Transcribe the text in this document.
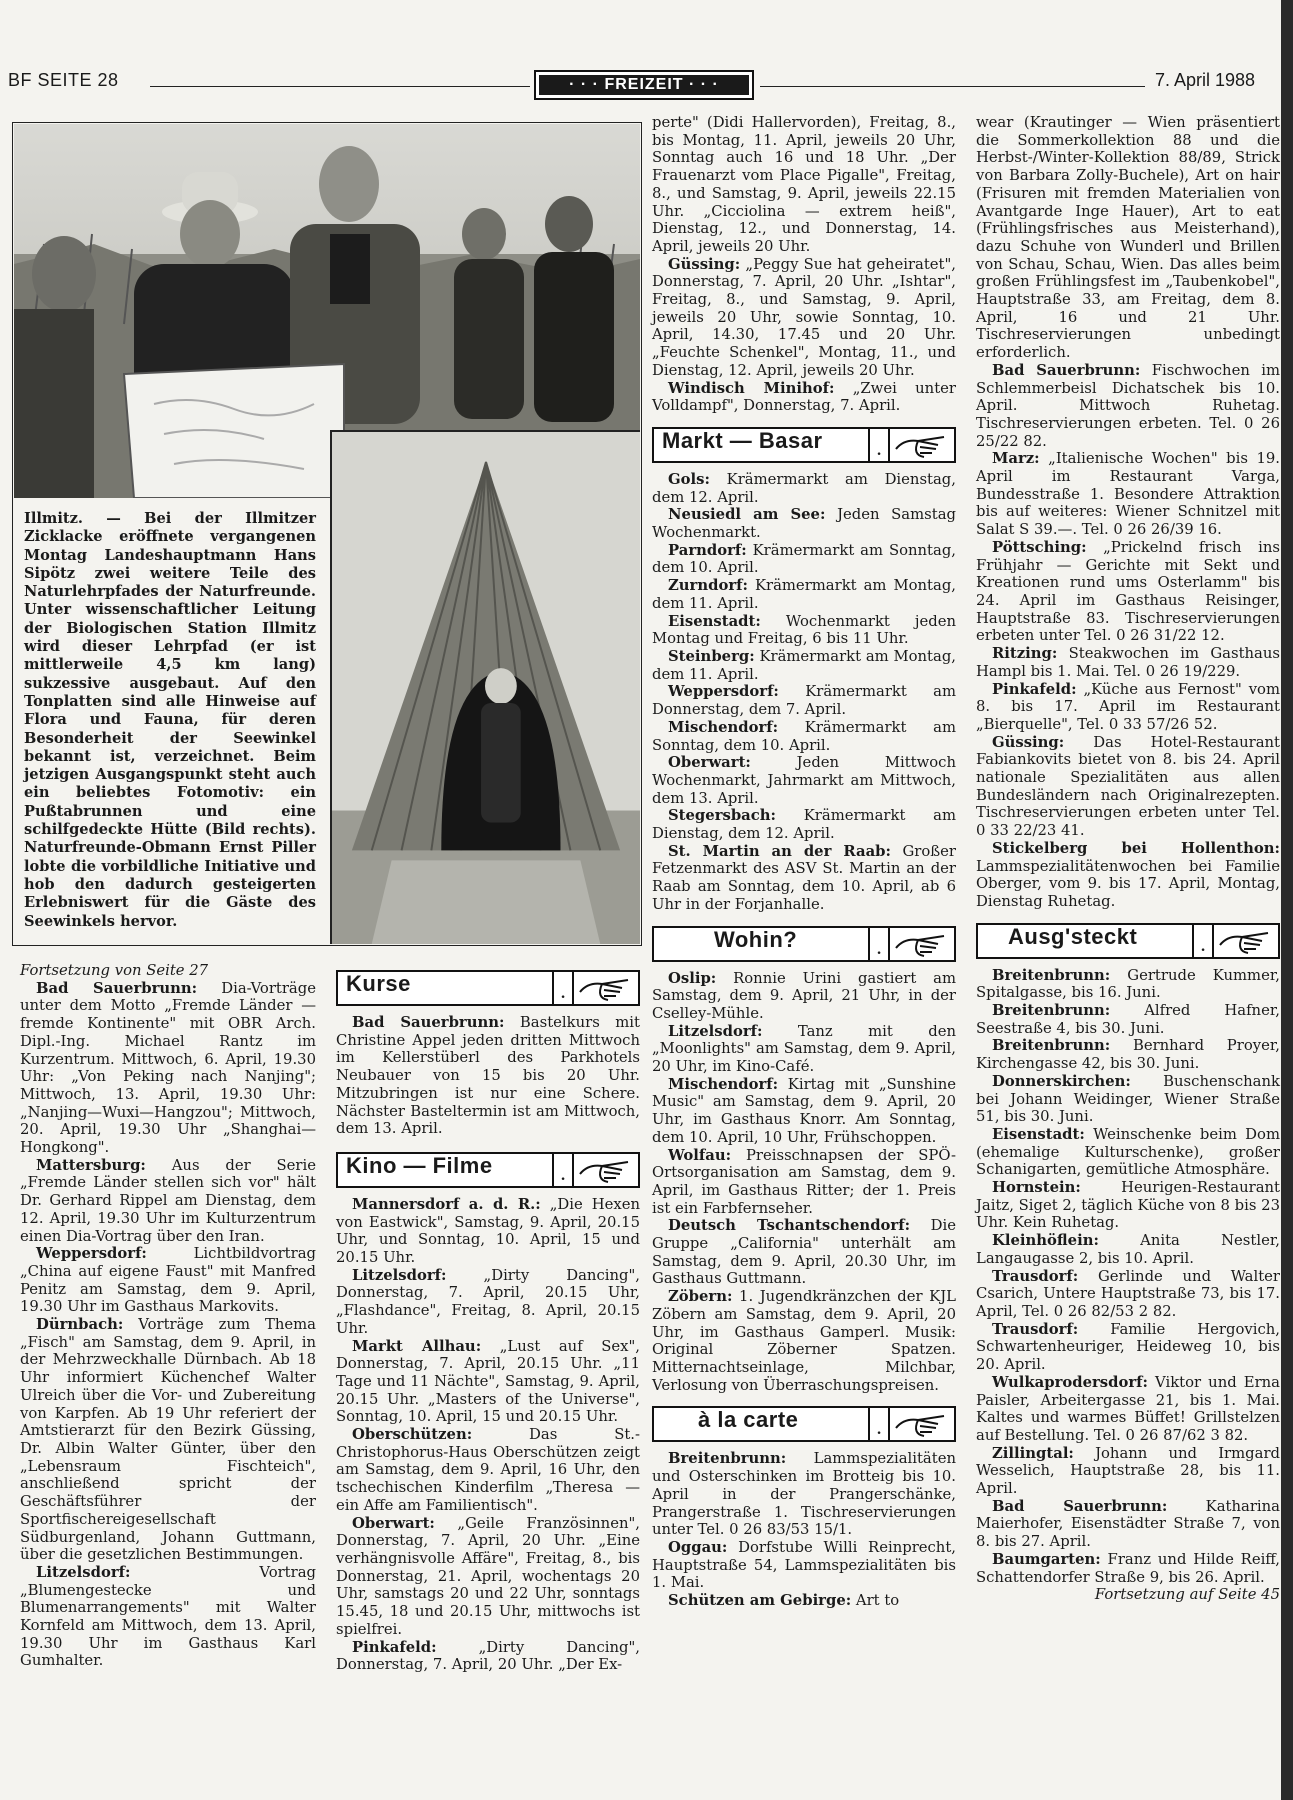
BF SEITE 28	· · · FREIZEIT · · ·	7. April 1988

Illmitz. — Bei der Illmitzer Zicklacke eröffnete vergangenen Montag Landeshauptmann Hans Sipötz zwei weitere Teile des Naturlehrpfades der Naturfreunde. Unter wissenschaftlicher Leitung der Biologischen Station Illmitz wird dieser Lehrpfad (er ist mittlerweile 4,5 km lang) sukzessive ausgebaut. Auf den Tonplatten sind alle Hinweise auf Flora und Fauna, für deren Besonderheit der Seewinkel bekannt ist, verzeichnet. Beim jetzigen Ausgangspunkt steht auch ein beliebtes Fotomotiv: ein Pußtabrunnen und eine schilfgedeckte Hütte (Bild rechts). Naturfreunde-Obmann Ernst Piller lobte die vorbildliche Initiative und hob den dadurch gesteigerten Erlebniswert für die Gäste des Seewinkels hervor.

Fortsetzung von Seite 27

Bad Sauerbrunn: Dia-Vorträge unter dem Motto „Fremde Länder — fremde Kontinente" mit OBR Arch. Dipl.-Ing. Michael Rantz im Kurzentrum. Mittwoch, 6. April, 19.30 Uhr: „Von Peking nach Nanjing"; Mittwoch, 13. April, 19.30 Uhr: „Nanjing—Wuxi—Hangzou"; Mittwoch, 20. April, 19.30 Uhr „Shanghai—Hongkong".

Mattersburg: Aus der Serie „Fremde Länder stellen sich vor" hält Dr. Gerhard Rippel am Dienstag, dem 12. April, 19.30 Uhr im Kulturzentrum einen Dia-Vortrag über den Iran.

Weppersdorf: Lichtbildvortrag „China auf eigene Faust" mit Manfred Penitz am Samstag, dem 9. April, 19.30 Uhr im Gasthaus Markovits.

Dürnbach: Vorträge zum Thema „Fisch" am Samstag, dem 9. April, in der Mehrzweckhalle Dürnbach. Ab 18 Uhr informiert Küchenchef Walter Ulreich über die Vor- und Zubereitung von Karpfen. Ab 19 Uhr referiert der Amtstierarzt für den Bezirk Güssing, Dr. Albin Walter Günter, über den „Lebensraum Fischteich", anschließend spricht der Geschäftsführer der Sportfischereigesellschaft Südburgenland, Johann Guttmann, über die gesetzlichen Bestimmungen.

Litzelsdorf: Vortrag „Blumengestecke und Blumenarrangements" mit Walter Kornfeld am Mittwoch, dem 13. April, 19.30 Uhr im Gasthaus Karl Gumhalter.

Kurse	.

Bad Sauerbrunn: Bastelkurs mit Christine Appel jeden dritten Mittwoch im Kellerstüberl des Parkhotels Neubauer von 15 bis 20 Uhr. Mitzubringen ist nur eine Schere. Nächster Basteltermin ist am Mittwoch, dem 13. April.

Kino — Filme	.

Mannersdorf a. d. R.: „Die Hexen von Eastwick", Samstag, 9. April, 20.15 Uhr, und Sonntag, 10. April, 15 und 20.15 Uhr.

Litzelsdorf: „Dirty Dancing", Donnerstag, 7. April, 20.15 Uhr, „Flashdance", Freitag, 8. April, 20.15 Uhr.

Markt Allhau: „Lust auf Sex", Donnerstag, 7. April, 20.15 Uhr. „11 Tage und 11 Nächte", Samstag, 9. April, 20.15 Uhr. „Masters of the Universe", Sonntag, 10. April, 15 und 20.15 Uhr.

Oberschützen: Das St.-Christophorus-Haus Oberschützen zeigt am Samstag, dem 9. April, 16 Uhr, den tschechischen Kinderfilm „Theresa — ein Affe am Familientisch".

Oberwart: „Geile Französinnen", Donnerstag, 7. April, 20 Uhr. „Eine verhängnisvolle Affäre", Freitag, 8., bis Donnerstag, 21. April, wochentags 20 Uhr, samstags 20 und 22 Uhr, sonntags 15.45, 18 und 20.15 Uhr, mittwochs ist spielfrei.

Pinkafeld: „Dirty Dancing", Donnerstag, 7. April, 20 Uhr. „Der Ex-

perte" (Didi Hallervorden), Freitag, 8., bis Montag, 11. April, jeweils 20 Uhr, Sonntag auch 16 und 18 Uhr. „Der Frauenarzt vom Place Pigalle", Freitag, 8., und Samstag, 9. April, jeweils 22.15 Uhr. „Cicciolina — extrem heiß", Dienstag, 12., und Donnerstag, 14. April, jeweils 20 Uhr.

Güssing: „Peggy Sue hat geheiratet", Donnerstag, 7. April, 20 Uhr. „Ishtar", Freitag, 8., und Samstag, 9. April, jeweils 20 Uhr, sowie Sonntag, 10. April, 14.30, 17.45 und 20 Uhr. „Feuchte Schenkel", Montag, 11., und Dienstag, 12. April, jeweils 20 Uhr.

Windisch Minihof: „Zwei unter Volldampf", Donnerstag, 7. April.

Markt — Basar	.

Gols: Krämermarkt am Dienstag, dem 12. April.

Neusiedl am See: Jeden Samstag Wochenmarkt.

Parndorf: Krämermarkt am Sonntag, dem 10. April.

Zurndorf: Krämermarkt am Montag, dem 11. April.

Eisenstadt: Wochenmarkt jeden Montag und Freitag, 6 bis 11 Uhr.

Steinberg: Krämermarkt am Montag, dem 11. April.

Weppersdorf: Krämermarkt am Donnerstag, dem 7. April.

Mischendorf: Krämermarkt am Sonntag, dem 10. April.

Oberwart: Jeden Mittwoch Wochenmarkt, Jahrmarkt am Mittwoch, dem 13. April.

Stegersbach: Krämermarkt am Dienstag, dem 12. April.

St. Martin an der Raab: Großer Fetzenmarkt des ASV St. Martin an der Raab am Sonntag, dem 10. April, ab 6 Uhr in der Forjanhalle.

Wohin?	.

Oslip: Ronnie Urini gastiert am Samstag, dem 9. April, 21 Uhr, in der Cselley-Mühle.

Litzelsdorf: Tanz mit den „Moonlights" am Samstag, dem 9. April, 20 Uhr, im Kino-Café.

Mischendorf: Kirtag mit „Sunshine Music" am Samstag, dem 9. April, 20 Uhr, im Gasthaus Knorr. Am Sonntag, dem 10. April, 10 Uhr, Frühschoppen.

Wolfau: Preisschnapsen der SPÖ-Ortsorganisation am Samstag, dem 9. April, im Gasthaus Ritter; der 1. Preis ist ein Farbfernseher.

Deutsch Tschantschendorf: Die Gruppe „California" unterhält am Samstag, dem 9. April, 20.30 Uhr, im Gasthaus Guttmann.

Zöbern: 1. Jugendkränzchen der KJL Zöbern am Samstag, dem 9. April, 20 Uhr, im Gasthaus Gamperl. Musik: Original Zöberner Spatzen. Mitternachtseinlage, Milchbar, Verlosung von Überraschungspreisen.

à la carte	.

Breitenbrunn: Lammspezialitäten und Osterschinken im Brotteig bis 10. April in der Prangerschänke, Prangerstraße 1. Tischreservierungen unter Tel. 0 26 83/53 15/1.

Oggau: Dorfstube Willi Reinprecht, Hauptstraße 54, Lammspezialitäten bis 1. Mai.

Schützen am Gebirge: Art to

wear (Krautinger — Wien präsentiert die Sommerkollektion 88 und die Herbst-/Winter-Kollektion 88/89, Strick von Barbara Zolly-Buchele), Art on hair (Frisuren mit fremden Materialien von Avantgarde Inge Hauer), Art to eat (Frühlingsfrisches aus Meisterhand), dazu Schuhe von Wunderl und Brillen von Schau, Schau, Wien. Das alles beim großen Frühlingsfest im „Taubenkobel", Hauptstraße 33, am Freitag, dem 8. April, 16 und 21 Uhr. Tischreservierungen unbedingt erforderlich.

Bad Sauerbrunn: Fischwochen im Schlemmerbeisl Dichatschek bis 10. April. Mittwoch Ruhetag. Tischreservierungen erbeten. Tel. 0 26 25/22 82.

Marz: „Italienische Wochen" bis 19. April im Restaurant Varga, Bundesstraße 1. Besondere Attraktion bis auf weiteres: Wiener Schnitzel mit Salat S 39.—. Tel. 0 26 26/39 16.

Pöttsching: „Prickelnd frisch ins Frühjahr — Gerichte mit Sekt und Kreationen rund ums Osterlamm" bis 24. April im Gasthaus Reisinger, Hauptstraße 83. Tischreservierungen erbeten unter Tel. 0 26 31/22 12.

Ritzing: Steakwochen im Gasthaus Hampl bis 1. Mai. Tel. 0 26 19/229.

Pinkafeld: „Küche aus Fernost" vom 8. bis 17. April im Restaurant „Bierquelle", Tel. 0 33 57/26 52.

Güssing: Das Hotel-Restaurant Fabiankovits bietet von 8. bis 24. April nationale Spezialitäten aus allen Bundesländern nach Originalrezepten. Tischreservierungen erbeten unter Tel. 0 33 22/23 41.

Stickelberg bei Hollenthon: Lammspezialitätenwochen bei Familie Oberger, vom 9. bis 17. April, Montag, Dienstag Ruhetag.

Ausg'steckt	.

Breitenbrunn: Gertrude Kummer, Spitalgasse, bis 16. Juni.

Breitenbrunn: Alfred Hafner, Seestraße 4, bis 30. Juni.

Breitenbrunn: Bernhard Proyer, Kirchengasse 42, bis 30. Juni.

Donnerskirchen: Buschenschank bei Johann Weidinger, Wiener Straße 51, bis 30. Juni.

Eisenstadt: Weinschenke beim Dom (ehemalige Kulturschenke), großer Schanigarten, gemütliche Atmosphäre.

Hornstein: Heurigen-Restaurant Jaitz, Siget 2, täglich Küche von 8 bis 23 Uhr. Kein Ruhetag.

Kleinhöflein: Anita Nestler, Langaugasse 2, bis 10. April.

Trausdorf: Gerlinde und Walter Csarich, Untere Hauptstraße 73, bis 17. April, Tel. 0 26 82/53 2 82.

Trausdorf: Familie Hergovich, Schwartenheuriger, Heideweg 10, bis 20. April.

Wulkaprodersdorf: Viktor und Erna Paisler, Arbeitergasse 21, bis 1. Mai. Kaltes und warmes Büffet! Grillstelzen auf Bestellung. Tel. 0 26 87/62 3 82.

Zillingtal: Johann und Irmgard Wesselich, Hauptstraße 28, bis 11. April.

Bad Sauerbrunn: Katharina Maierhofer, Eisenstädter Straße 7, von 8. bis 27. April.

Baumgarten: Franz und Hilde Reiff, Schattendorfer Straße 9, bis 26. April.

Fortsetzung auf Seite 45
